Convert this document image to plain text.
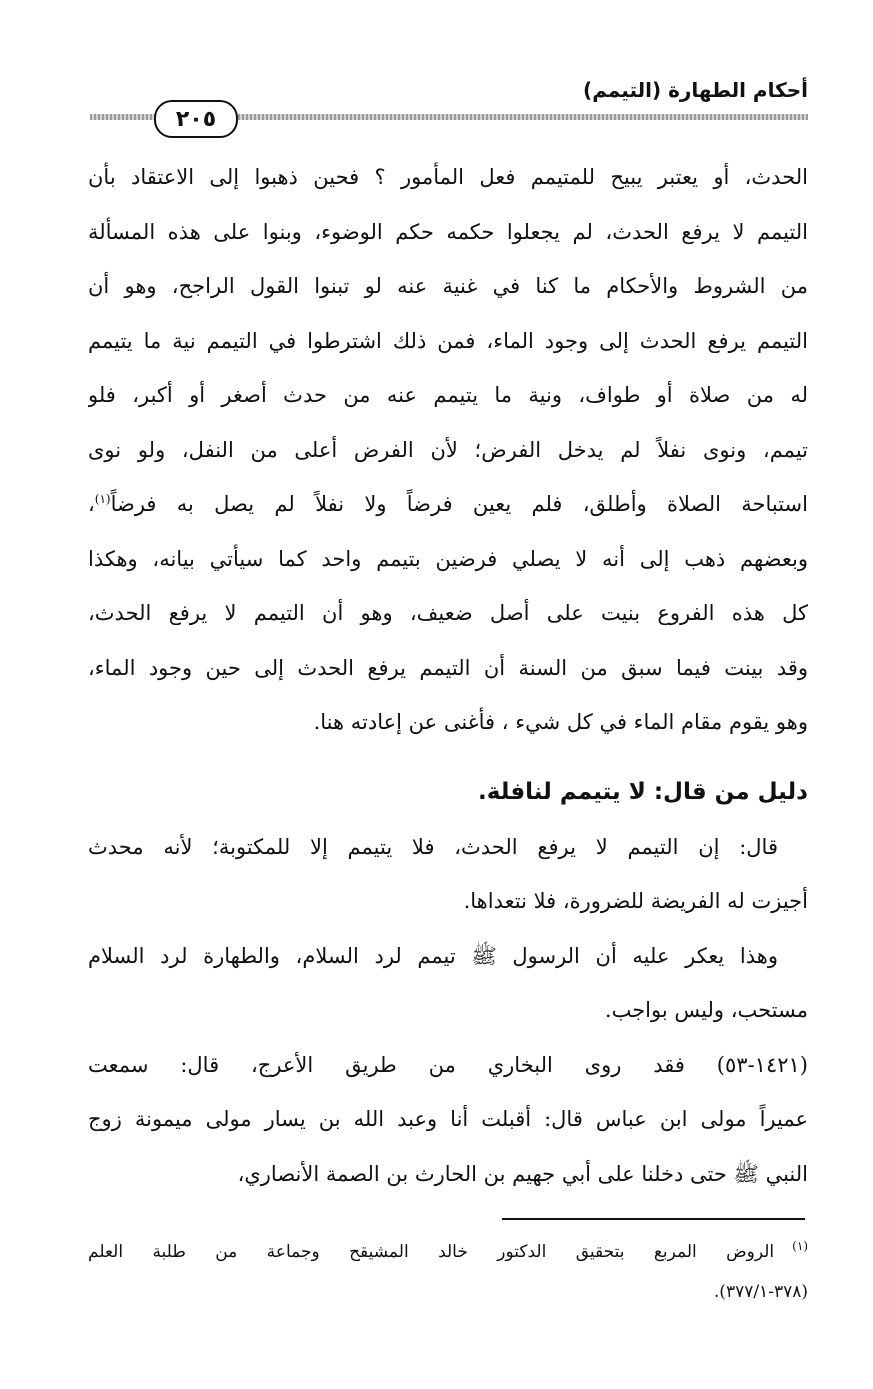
أحكام الطهارة (التيمم)
٢٠٥
الحدث، أو يعتبر يبيح للمتيمم فعل المأمور ؟ فحين ذهبوا إلى الاعتقاد بأن
التيمم لا يرفع الحدث، لم يجعلوا حكمه حكم الوضوء، وبنوا على هذه المسألة
من الشروط والأحكام ما كنا في غنية عنه لو تبنوا القول الراجح، وهو أن
التيمم يرفع الحدث إلى وجود الماء، فمن ذلك اشترطوا في التيمم نية ما يتيمم
له من صلاة أو طواف، ونية ما يتيمم عنه من حدث أصغر أو أكبر، فلو
تيمم، ونوى نفلاً لم يدخل الفرض؛ لأن الفرض أعلى من النفل، ولو نوى
استباحة الصلاة وأطلق، فلم يعين فرضاً ولا نفلاً لم يصل به فرضاً$^{(١)}$،
وبعضهم ذهب إلى أنه لا يصلي فرضين بتيمم واحد كما سيأتي بيانه، وهكذا
كل هذه الفروع بنيت على أصل ضعيف، وهو أن التيمم لا يرفع الحدث،
وقد بينت فيما سبق من السنة أن التيمم يرفع الحدث إلى حين وجود الماء،
وهو يقوم مقام الماء في كل شيء ، فأغنى عن إعادته هنا.
دليل من قال: لا يتيمم لنافلة.
قال: إن التيمم لا يرفع الحدث، فلا يتيمم إلا للمكتوبة؛ لأنه محدث
أجيزت له الفريضة للضرورة، فلا نتعداها.
وهذا يعكر عليه أن الرسول ﷺ تيمم لرد السلام، والطهارة لرد السلام
مستحب، وليس بواجب.
(١٤٢١-٥٣) فقد روى البخاري من طريق الأعرج، قال: سمعت
عميراً مولى ابن عباس قال: أقبلت أنا وعبد الله بن يسار مولى ميمونة زوج
النبي ﷺ حتى دخلنا على أبي جهيم بن الحارث بن الصمة الأنصاري،
$^{(١)}$الروض المربع بتحقيق الدكتور خالد المشيقح وجماعة من طلبة العلم
(٣٧٨-٣٧٧/١).
